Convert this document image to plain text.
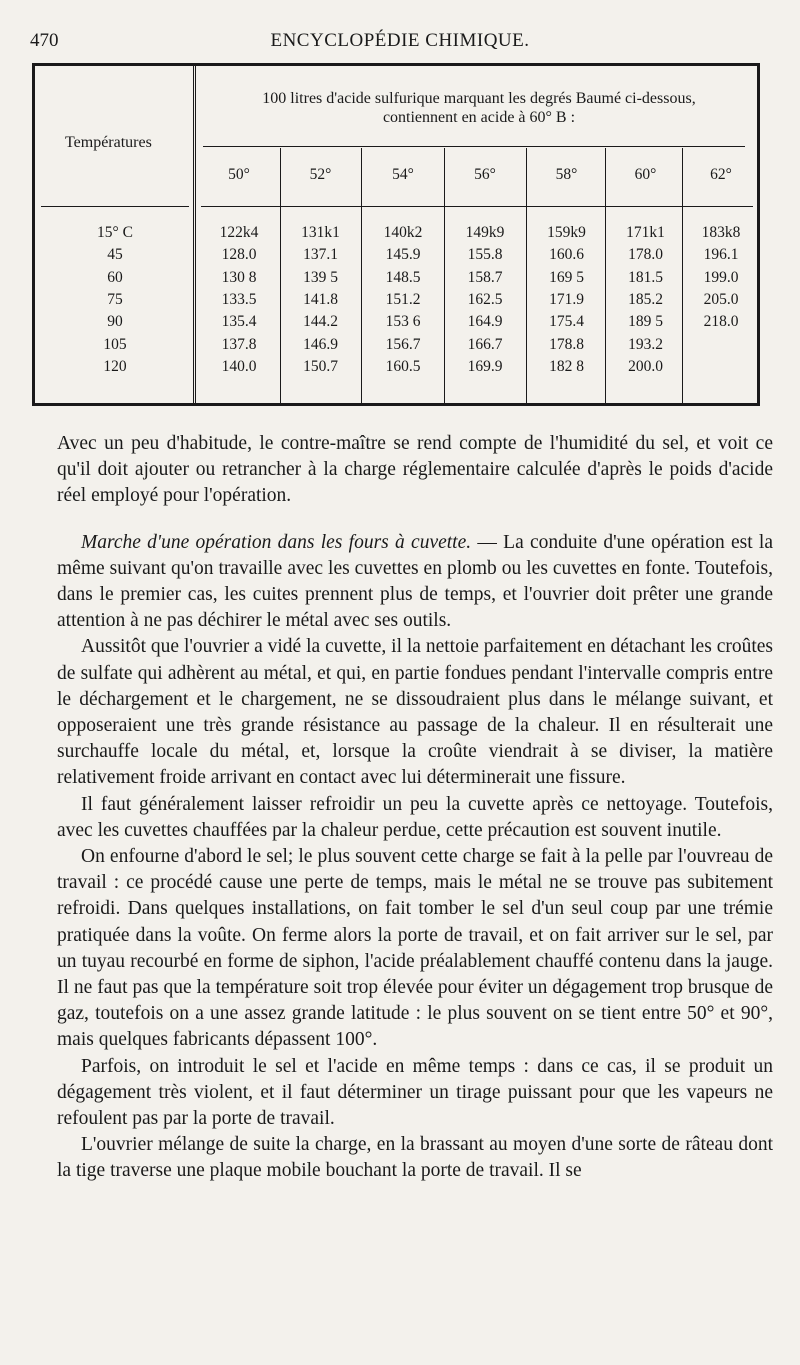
470	ENCYCLOPÉDIE CHIMIQUE.
100 litres d'acide sulfurique marquant les degrés Baumé ci-dessous,
contiennent en acide à 60° B :
Températures
50°	52°	54°	56°	58°	60°	62°
15° C	122k4	131k1	140k2	149k9	159k9	171k1	183k8
45	128.0	137.1	145.9	155.8	160.6	178.0	196.1
60	130 8	139 5	148.5	158.7	169 5	181.5	199.0
75	133.5	141.8	151.2	162.5	171.9	185.2	205.0
90	135.4	144.2	153 6	164.9	175.4	189 5	218.0
105	137.8	146.9	156.7	166.7	178.8	193.2
120	140.0	150.7	160.5	169.9	182 8	200.0

Avec un peu d'habitude, le contre-maître se rend compte de l'humidité du sel, et voit ce qu'il doit ajouter ou retrancher à la charge réglementaire calculée d'après le poids d'acide réel employé pour l'opération.

Marche d'une opération dans les fours à cuvette. — La conduite d'une opération est la même suivant qu'on travaille avec les cuvettes en plomb ou les cuvettes en fonte. Toutefois, dans le premier cas, les cuites prennent plus de temps, et l'ouvrier doit prêter une grande attention à ne pas déchirer le métal avec ses outils.

Aussitôt que l'ouvrier a vidé la cuvette, il la nettoie parfaitement en détachant les croûtes de sulfate qui adhèrent au métal, et qui, en partie fondues pendant l'intervalle compris entre le déchargement et le chargement, ne se dissoudraient plus dans le mélange suivant, et opposeraient une très grande résistance au passage de la chaleur. Il en résulterait une surchauffe locale du métal, et, lorsque la croûte viendrait à se diviser, la matière relativement froide arrivant en contact avec lui déterminerait une fissure.

Il faut généralement laisser refroidir un peu la cuvette après ce nettoyage. Toutefois, avec les cuvettes chauffées par la chaleur perdue, cette précaution est souvent inutile.

On enfourne d'abord le sel; le plus souvent cette charge se fait à la pelle par l'ouvreau de travail : ce procédé cause une perte de temps, mais le métal ne se trouve pas subitement refroidi. Dans quelques installations, on fait tomber le sel d'un seul coup par une trémie pratiquée dans la voûte. On ferme alors la porte de travail, et on fait arriver sur le sel, par un tuyau recourbé en forme de siphon, l'acide préalablement chauffé contenu dans la jauge. Il ne faut pas que la température soit trop élevée pour éviter un dégagement trop brusque de gaz, toutefois on a une assez grande latitude : le plus souvent on se tient entre 50° et 90°, mais quelques fabricants dépassent 100°.

Parfois, on introduit le sel et l'acide en même temps : dans ce cas, il se produit un dégagement très violent, et il faut déterminer un tirage puissant pour que les vapeurs ne refoulent pas par la porte de travail.

L'ouvrier mélange de suite la charge, en la brassant au moyen d'une sorte de râteau dont la tige traverse une plaque mobile bouchant la porte de travail. Il se
